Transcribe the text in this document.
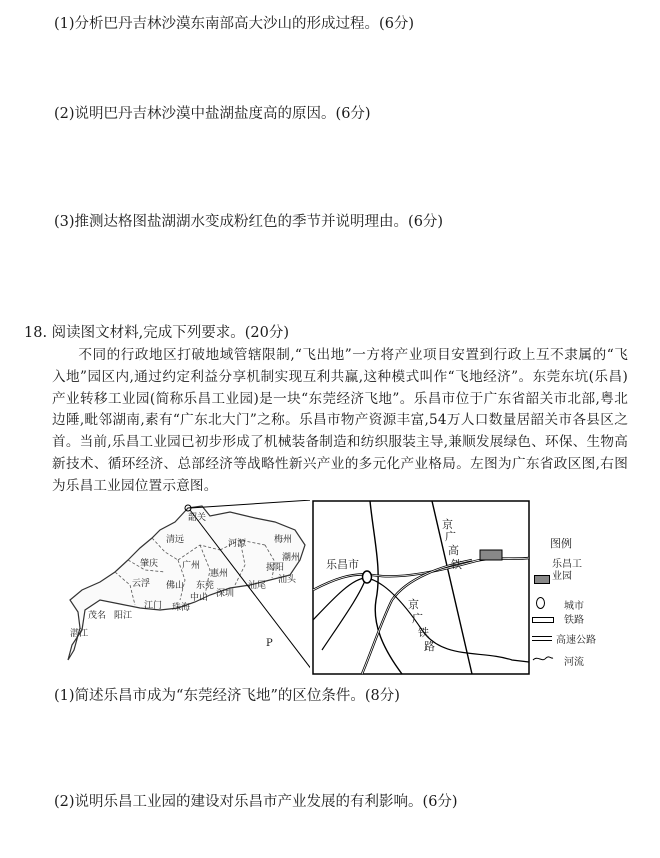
(1)分析巴丹吉林沙漠东南部高大沙山的形成过程。(6分)
(2)说明巴丹吉林沙漠中盐湖盐度高的原因。(6分)
(3)推测达格图盐湖湖水变成粉红色的季节并说明理由。(6分)
18. 阅读图文材料,完成下列要求。(20分)
不同的行政地区打破地域管辖限制,“飞出地”一方将产业项目安置到行政上互不隶属的“飞入地”园区内,通过约定利益分享机制实现互利共赢,这种模式叫作“飞地经济”。东莞东坑(乐昌)产业转移工业园(简称乐昌工业园)是一块“东莞经济飞地”。乐昌市位于广东省韶关市北部,粤北边陲,毗邻湖南,素有“广东北大门”之称。乐昌市物产资源丰富,54万人口数量居韶关市各县区之首。当前,乐昌工业园已初步形成了机械装备制造和纺织服装主导,兼顺发展绿色、环保、生物高新技术、循环经济、总部经济等战略性新兴产业的多元化产业格局。左图为广东省政区图,右图为乐昌工业园位置示意图。
韶关
清远	河源	梅州
潮州
肇庆	广州
惠州
揭阳
汕头
云浮 佛山 东莞	汕尾
深圳
中山
茂名 阳江
江门 珠海
湛江
P
乐昌市
京
广
高
铁
京
广
铁
路
图例
乐昌工业园
城市
铁路
高速公路
河流
(1)简述乐昌市成为“东莞经济飞地”的区位条件。(8分)
(2)说明乐昌工业园的建设对乐昌市产业发展的有利影响。(6分)
